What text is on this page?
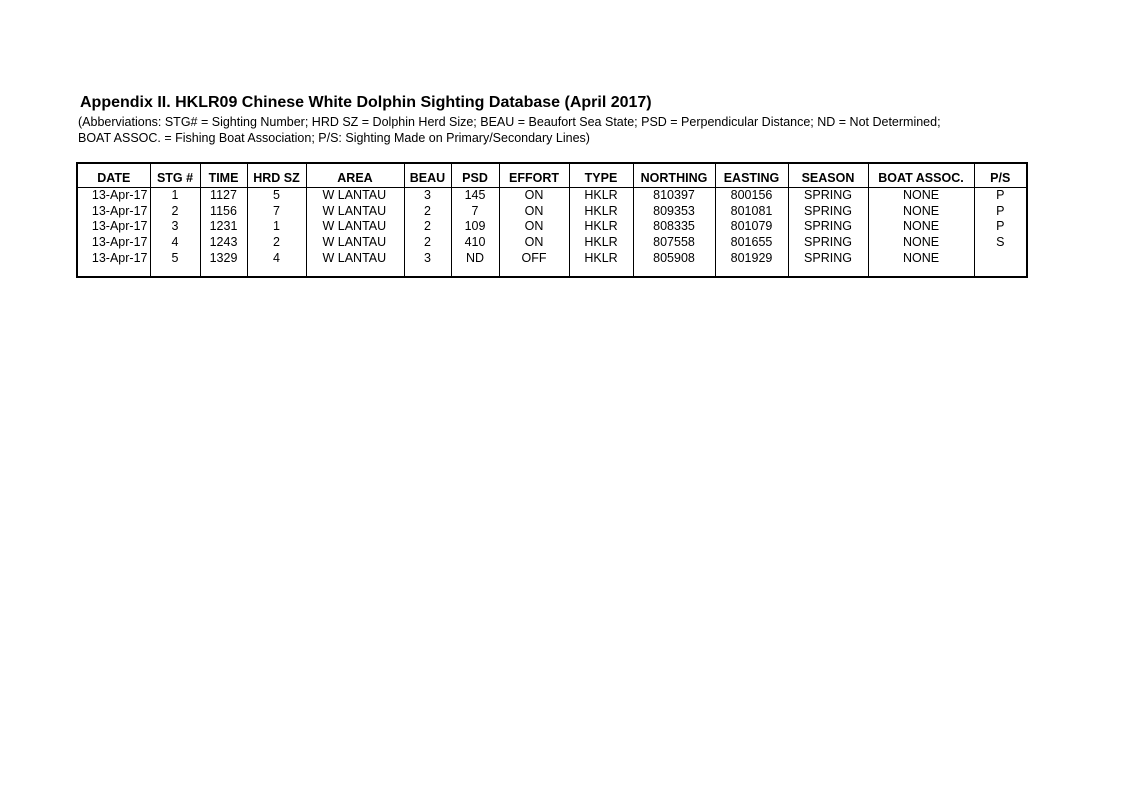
Appendix II. HKLR09 Chinese White Dolphin Sighting Database (April 2017)
(Abberviations: STG# = Sighting Number; HRD SZ = Dolphin Herd Size; BEAU = Beaufort Sea State; PSD = Perpendicular Distance; ND = Not Determined;
BOAT ASSOC. = Fishing Boat Association; P/S: Sighting Made on Primary/Secondary Lines)
DATE	STG #	TIME	HRD SZ	AREA	BEAU	PSD	EFFORT	TYPE	NORTHING	EASTING	SEASON	BOAT ASSOC.	P/S
13-Apr-17	1	1127	5	W LANTAU	3	145	ON	HKLR	810397	800156	SPRING	NONE	P
13-Apr-17	2	1156	7	W LANTAU	2	7	ON	HKLR	809353	801081	SPRING	NONE	P
13-Apr-17	3	1231	1	W LANTAU	2	109	ON	HKLR	808335	801079	SPRING	NONE	P
13-Apr-17	4	1243	2	W LANTAU	2	410	ON	HKLR	807558	801655	SPRING	NONE	S
13-Apr-17	5	1329	4	W LANTAU	3	ND	OFF	HKLR	805908	801929	SPRING	NONE	
